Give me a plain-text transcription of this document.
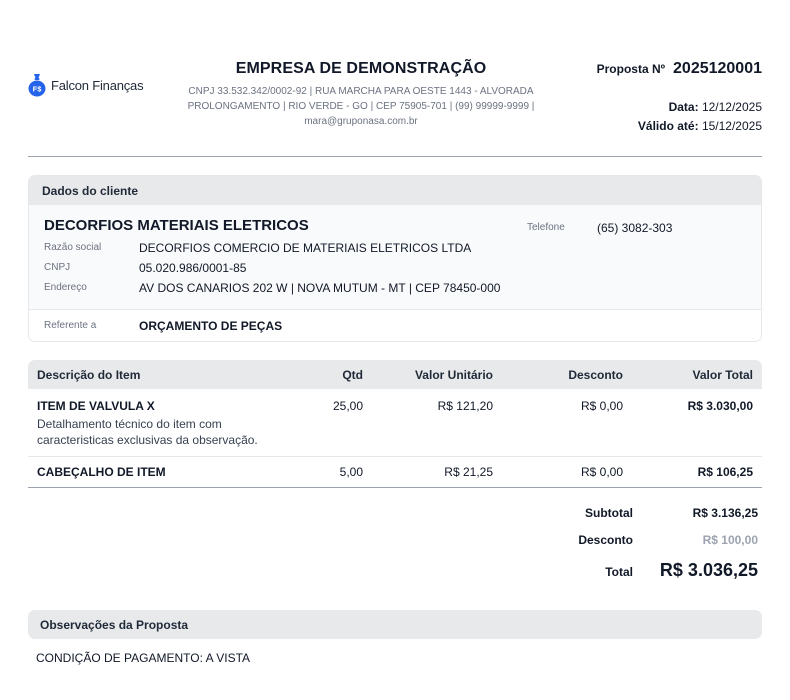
F$ Falcon Finanças
EMPRESA DE DEMONSTRAÇÃO
CNPJ 33.532.342/0002-92 | RUA MARCHA PARA OESTE 1443 - ALVORADA
PROLONGAMENTO | RIO VERDE - GO | CEP 75905-701 | (99) 99999-9999 |
mara@gruponasa.com.br
Proposta Nº 2025120001
Data: 12/12/2025
Válido até: 15/12/2025
Dados do cliente
DECORFIOS MATERIAIS ELETRICOS
Razão social	DECORFIOS COMERCIO DE MATERIAIS ELETRICOS LTDA
CNPJ	05.020.986/0001-85
Endereço	AV DOS CANARIOS 202 W | NOVA MUTUM - MT | CEP 78450-000
Telefone	(65) 3082-303
Referente a	ORÇAMENTO DE PEÇAS
Descrição do Item	Qtd	Valor Unitário	Desconto	Valor Total

ITEM DE VALVULA X
Detalhamento técnico do item com
caracteristicas exclusivas da observação.	25,00	R$ 121,20	R$ 0,00	R$ 3.030,00
CABEÇALHO DE ITEM	5,00	R$ 21,25	R$ 0,00	R$ 106,25
Subtotal	R$ 3.136,25
Desconto	R$ 100,00
Total	R$ 3.036,25
Observações da Proposta
CONDIÇÃO DE PAGAMENTO: A VISTA
